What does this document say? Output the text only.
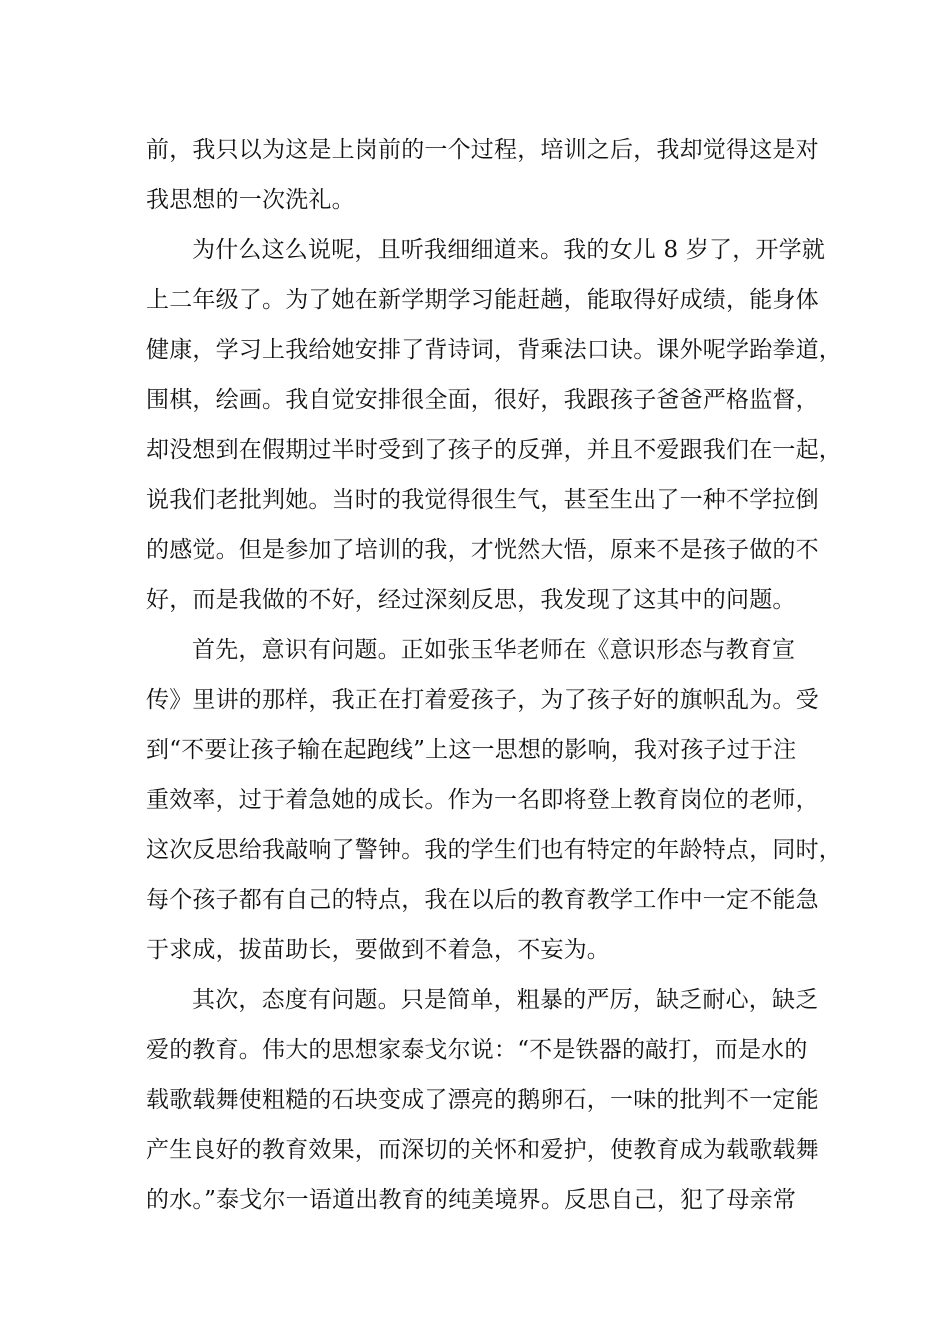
前，我只以为这是上岗前的一个过程，培训之后，我却觉得这是对
我思想的一次洗礼。
为什么这么说呢，且听我细细道来。我的女儿 8 岁了，开学就
上二年级了。为了她在新学期学习能赶趟，能取得好成绩，能身体
健康，学习上我给她安排了背诗词，背乘法口诀。课外呢学跆拳道，
围棋，绘画。我自觉安排很全面，很好，我跟孩子爸爸严格监督，
却没想到在假期过半时受到了孩子的反弹，并且不爱跟我们在一起，
说我们老批判她。当时的我觉得很生气，甚至生出了一种不学拉倒
的感觉。但是参加了培训的我，才恍然大悟，原来不是孩子做的不
好，而是我做的不好，经过深刻反思，我发现了这其中的问题。
首先，意识有问题。正如张玉华老师在《意识形态与教育宣
传》里讲的那样，我正在打着爱孩子，为了孩子好的旗帜乱为。受
到“不要让孩子输在起跑线”上这一思想的影响，我对孩子过于注
重效率，过于着急她的成长。作为一名即将登上教育岗位的老师，
这次反思给我敲响了警钟。我的学生们也有特定的年龄特点，同时，
每个孩子都有自己的特点，我在以后的教育教学工作中一定不能急
于求成，拔苗助长，要做到不着急，不妄为。
其次，态度有问题。只是简单，粗暴的严厉，缺乏耐心，缺乏
爱的教育。伟大的思想家泰戈尔说：“不是铁器的敲打，而是水的
载歌载舞使粗糙的石块变成了漂亮的鹅卵石，一味的批判不一定能
产生良好的教育效果，而深切的关怀和爱护，使教育成为载歌载舞
的水。”泰戈尔一语道出教育的纯美境界。反思自己，犯了母亲常
